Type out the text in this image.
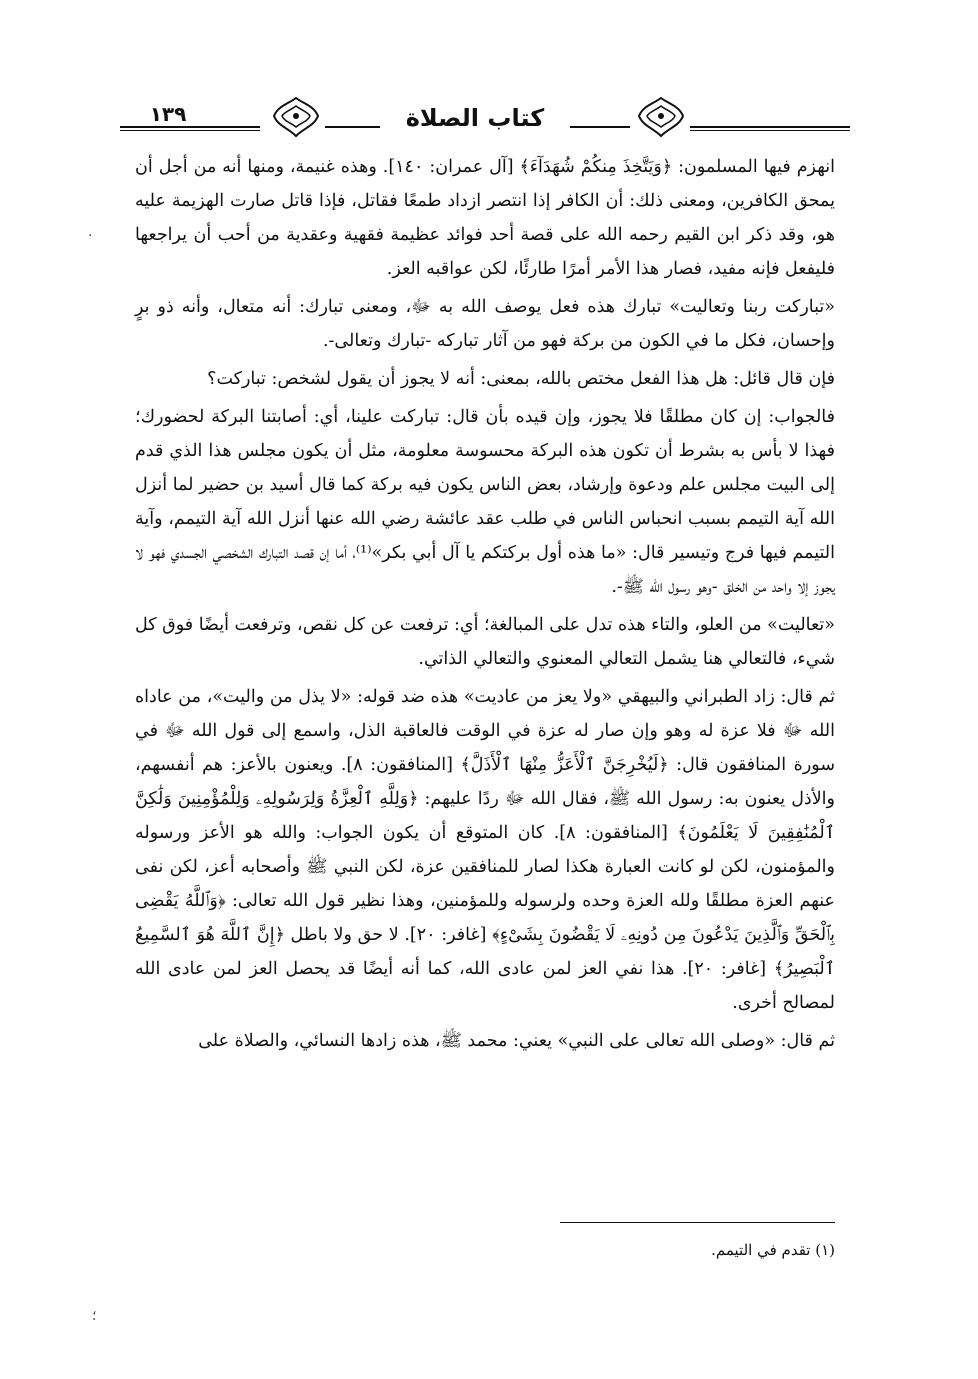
١٣٩	كتاب الصلاة

انهزم فيها المسلمون: ﴿وَيَتَّخِذَ مِنكُمْ شُهَدَآءَ﴾ [آل عمران: ١٤٠]. وهذه غنيمة، ومنها أنه من أجل أن يمحق الكافرين، ومعنى ذلك: أن الكافر إذا انتصر ازداد طمعًا فقاتل، فإذا قاتل صارت الهزيمة عليه هو، وقد ذكر ابن القيم رحمه الله على قصة أحد فوائد عظيمة فقهية وعقدية من أحب أن يراجعها فليفعل فإنه مفيد، فصار هذا الأمر أمرًا طارئًا، لكن عواقبه العز.

«تباركت ربنا وتعاليت» تبارك هذه فعل يوصف الله به ﷻ، ومعنى تبارك: أنه متعال، وأنه ذو برٍ وإحسان، فكل ما في الكون من بركة فهو من آثار تباركه -تبارك وتعالى-.

فإن قال قائل: هل هذا الفعل مختص بالله، بمعنى: أنه لا يجوز أن يقول لشخص: تباركت؟

فالجواب: إن كان مطلقًا فلا يجوز، وإن قيده بأن قال: تباركت علينا، أي: أصابتنا البركة لحضورك؛ فهذا لا بأس به بشرط أن تكون هذه البركة محسوسة معلومة، مثل أن يكون مجلس هذا الذي قدم إلى البيت مجلس علم ودعوة وإرشاد، بعض الناس يكون فيه بركة كما قال أسيد بن حضير لما أنزل الله آية التيمم بسبب انحباس الناس في طلب عقد عائشة رضي الله عنها أنزل الله آية التيمم، وآية التيمم فيها فرج وتيسير قال: «ما هذه أول بركتكم يا آل أبي بكر»⁽¹⁾، أما إن قصد التبارك الشخصي الجسدي فهو لا يجوز إلا واحد من الخلق -وهو رسول الله ﷺ-.

«تعاليت» من العلو، والتاء هذه تدل على المبالغة؛ أي: ترفعت عن كل نقص، وترفعت أيضًا فوق كل شيء، فالتعالي هنا يشمل التعالي المعنوي والتعالي الذاتي.

ثم قال: زاد الطبراني والبيهقي «ولا يعز من عاديت» هذه ضد قوله: «لا يذل من واليت»، من عاداه الله ﷻ فلا عزة له وهو وإن صار له عزة في الوقت فالعاقبة الذل، واسمع إلى قول الله ﷻ في سورة المنافقون قال: ﴿لَيُخْرِجَنَّ ٱلْأَعَزُّ مِنْهَا ٱلْأَذَلَّ﴾ [المنافقون: ٨]. ويعنون بالأعز: هم أنفسهم، والأذل يعنون به: رسول الله ﷺ، فقال الله ﷻ ردًا عليهم: ﴿وَلِلَّهِ ٱلْعِزَّةُ وَلِرَسُولِهِۦ وَلِلْمُؤْمِنِينَ وَلَٰكِنَّ ٱلْمُنَٰفِقِينَ لَا يَعْلَمُونَ﴾ [المنافقون: ٨]. كان المتوقع أن يكون الجواب: والله هو الأعز ورسوله والمؤمنون، لكن لو كانت العبارة هكذا لصار للمنافقين عزة، لكن النبي ﷺ وأصحابه أعز، لكن نفى عنهم العزة مطلقًا ولله العزة وحده ولرسوله وللمؤمنين، وهذا نظير قول الله تعالى: ﴿وَٱللَّهُ يَقْضِى بِٱلْحَقِّ وَٱلَّذِينَ يَدْعُونَ مِن دُونِهِۦ لَا يَقْضُونَ بِشَىْءٍ﴾ [غافر: ٢٠]. لا حق ولا باطل ﴿إِنَّ ٱللَّهَ هُوَ ٱلسَّمِيعُ ٱلْبَصِيرُ﴾ [غافر: ٢٠]. هذا نفي العز لمن عادى الله، كما أنه أيضًا قد يحصل العز لمن عادى الله لمصالح أخرى.

ثم قال: «وصلى الله تعالى على النبي» يعني: محمد ﷺ، هذه زادها النسائي، والصلاة على

(١) تقدم في التيمم.
·
؛
